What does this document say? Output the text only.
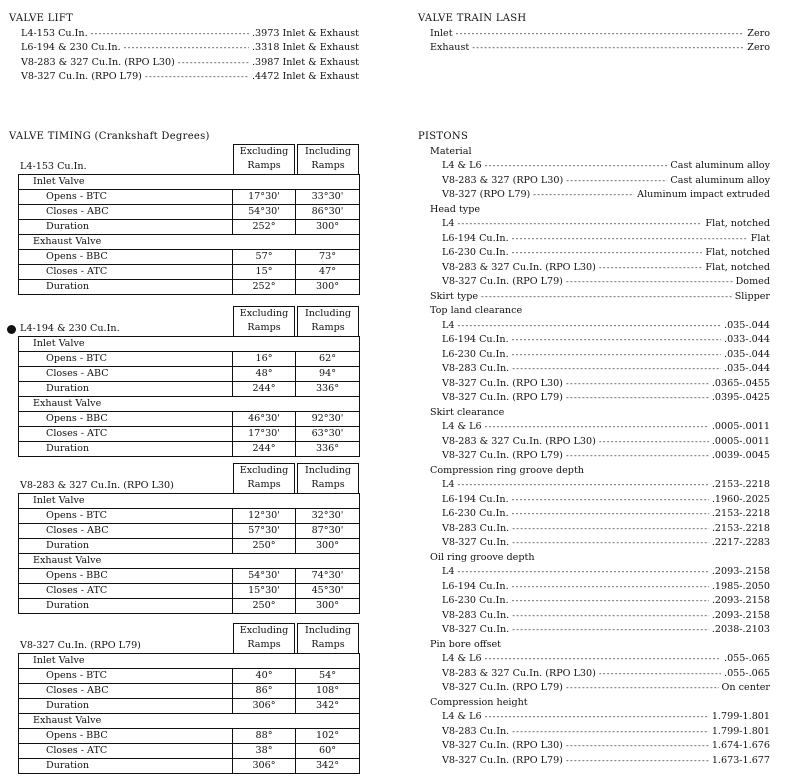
VALVE LIFT
L4-153 Cu.In. -----	.3973 Inlet & Exhaust
L6-194 & 230 Cu.In. -----	.3318 Inlet & Exhaust
V8-283 & 327 Cu.In. (RPO L30) -----	.3987 Inlet & Exhaust
V8-327 Cu.In. (RPO L79) -----	.4472 Inlet & Exhaust
VALVE TRAIN LASH
Inlet -----	Zero
Exhaust -----	Zero
VALVE TIMING (Crankshaft Degrees)
L4-153 Cu.In.
Excluding
Ramps
Including
Ramps
Inlet Valve
Opens - BTC	17°30'	33°30'
Closes - ABC	54°30'	86°30'
Duration	252°	300°
Exhaust Valve
Opens - BBC	57°	73°
Closes - ATC	15°	47°
Duration	252°	300°
L4-194 & 230 Cu.In.
Excluding
Ramps
Including
Ramps
Inlet Valve
Opens - BTC	16°	62°
Closes - ABC	48°	94°
Duration	244°	336°
Exhaust Valve
Opens - BBC	46°30'	92°30'
Closes - ATC	17°30'	63°30'
Duration	244°	336°
V8-283 & 327 Cu.In. (RPO L30)
Excluding
Ramps
Including
Ramps
Inlet Valve
Opens - BTC	12°30'	32°30'
Closes - ABC	57°30'	87°30'
Duration	250°	300°
Exhaust Valve
Opens - BBC	54°30'	74°30'
Closes - ATC	15°30'	45°30'
Duration	250°	300°
V8-327 Cu.In. (RPO L79)
Excluding
Ramps
Including
Ramps
Inlet Valve
Opens - BTC	40°	54°
Closes - ABC	86°	108°
Duration	306°	342°
Exhaust Valve
Opens - BBC	88°	102°
Closes - ATC	38°	60°
Duration	306°	342°
PISTONS
Material
L4 & L6 -----	Cast aluminum alloy
V8-283 & 327 (RPO L30) -----	Cast aluminum alloy
V8-327 (RPO L79) -----	Aluminum impact extruded
Head type
L4 -----	Flat, notched
L6-194 Cu.In. -----	Flat
L6-230 Cu.In. -----	Flat, notched
V8-283 & 327 Cu.In. (RPO L30) -----	Flat, notched
V8-327 Cu.In. (RPO L79) -----	Domed
Skirt type -----	Slipper
Top land clearance
L4 -----	.035-.044
L6-194 Cu.In. -----	.033-.044
L6-230 Cu.In. -----	.035-.044
V8-283 Cu.In. -----	.035-.044
V8-327 Cu.In. (RPO L30) -----	.0365-.0455
V8-327 Cu.In. (RPO L79) -----	.0395-.0425
Skirt clearance
L4 & L6 -----	.0005-.0011
V8-283 & 327 Cu.In. (RPO L30) -----	.0005-.0011
V8-327 Cu.In. (RPO L79) -----	.0039-.0045
Compression ring groove depth
L4 -----	.2153-.2218
L6-194 Cu.In. -----	.1960-.2025
L6-230 Cu.In. -----	.2153-.2218
V8-283 Cu.In. -----	.2153-.2218
V8-327 Cu.In. -----	.2217-.2283
Oil ring groove depth
L4 -----	.2093-.2158
L6-194 Cu.In. -----	.1985-.2050
L6-230 Cu.In. -----	.2093-.2158
V8-283 Cu.In. -----	.2093-.2158
V8-327 Cu.In. -----	.2038-.2103
Pin bore offset
L4 & L6 -----	.055-.065
V8-283 & 327 Cu.In. (RPO L30) -----	.055-.065
V8-327 Cu.In. (RPO L79) -----	On center
Compression height
L4 & L6 -----	1.799-1.801
V8-283 Cu.In. -----	1.799-1.801
V8-327 Cu.In. (RPO L30) -----	1.674-1.676
V8-327 Cu.In. (RPO L79) -----	1.673-1.677
